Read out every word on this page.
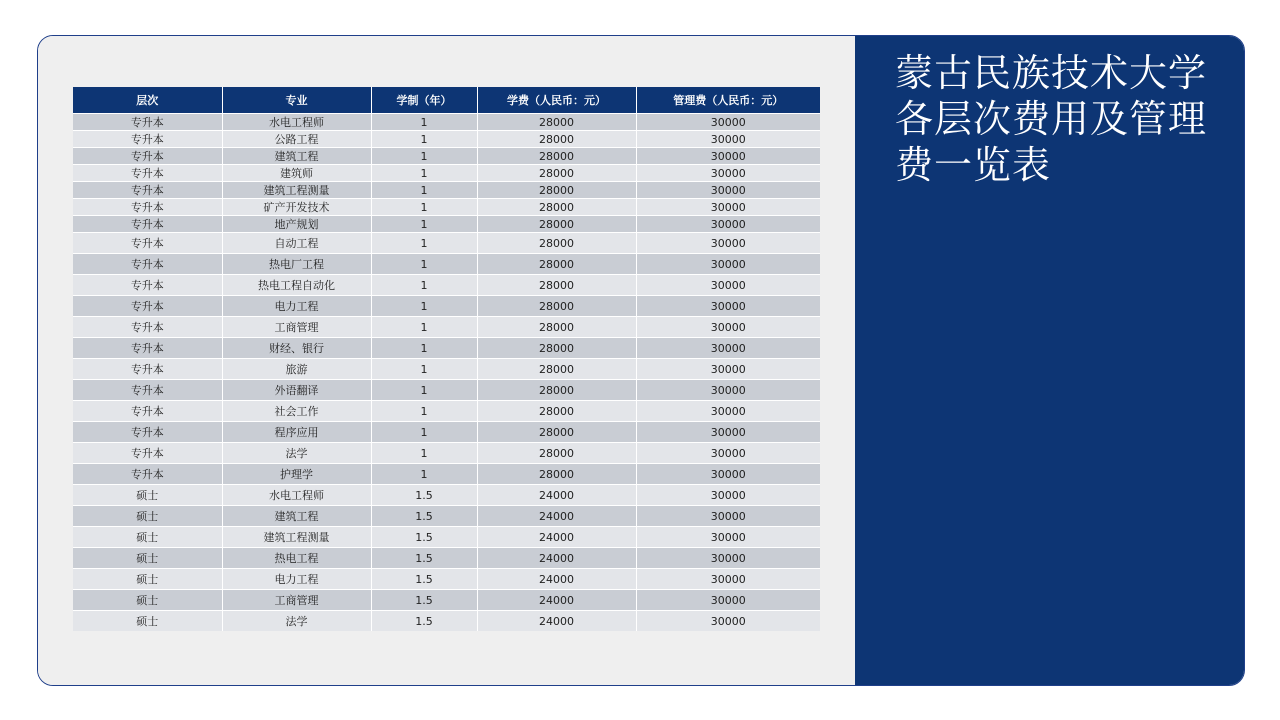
层次	专业	学制（年）	学费（人民币：元）	管理费（人民币：元）
专升本	水电工程师	1	28000	30000
专升本	公路工程	1	28000	30000
专升本	建筑工程	1	28000	30000
专升本	建筑师	1	28000	30000
专升本	建筑工程测量	1	28000	30000
专升本	矿产开发技术	1	28000	30000
专升本	地产规划	1	28000	30000
专升本	自动工程	1	28000	30000
专升本	热电厂工程	1	28000	30000
专升本	热电工程自动化	1	28000	30000
专升本	电力工程	1	28000	30000
专升本	工商管理	1	28000	30000
专升本	财经、银行	1	28000	30000
专升本	旅游	1	28000	30000
专升本	外语翻译	1	28000	30000
专升本	社会工作	1	28000	30000
专升本	程序应用	1	28000	30000
专升本	法学	1	28000	30000
专升本	护理学	1	28000	30000
硕士	水电工程师	1.5	24000	30000
硕士	建筑工程	1.5	24000	30000
硕士	建筑工程测量	1.5	24000	30000
硕士	热电工程	1.5	24000	30000
硕士	电力工程	1.5	24000	30000
硕士	工商管理	1.5	24000	30000
硕士	法学	1.5	24000	30000
蒙古民族技术大学各层次费用及管理费一览表
